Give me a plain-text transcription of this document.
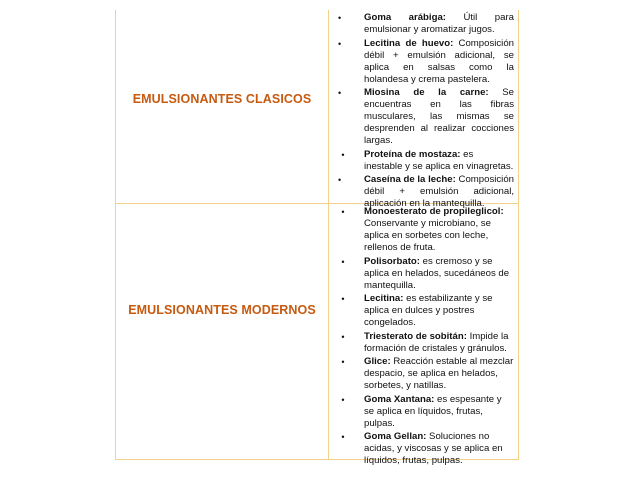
EMULSIONANTES CLASICOS
•	Goma arábiga: Útil para emulsionar y aromatizar jugos.
•	Lecitina de huevo: Composición débil + emulsión adicional, se aplica en salsas como la holandesa y crema pastelera.
•	Miosina de la carne: Se encuentras en las fibras musculares, las mismas se desprenden al realizar cocciones largas.
•	Proteína de mostaza: es inestable y se aplica en vinagretas.
•	Caseína de la leche: Composición débil + emulsión adicional, aplicación en la mantequilla.
EMULSIONANTES MODERNOS
•	Monoesterato de propilеglicol: Conservante y microbiano, se aplica en sorbetes con leche, rellenos de fruta.
•	Polisorbato: es cremoso y se aplica en helados, sucedáneos de mantequilla.
•	Lecitina: es estabilizante y se aplica en dulces y postres congelados.
•	Triesterato de sobitán: Impide la formación de cristales y gránulos.
•	Glice: Reacción estable al mezclar despacio, se aplica en helados, sorbetes, y natillas.
•	Goma Xantana: es espesante y se aplica en líquidos, frutas, pulpas.
•	Goma Gellan: Soluciones no acidas, y viscosas y se aplica en líquidos, frutas, pulpas.
